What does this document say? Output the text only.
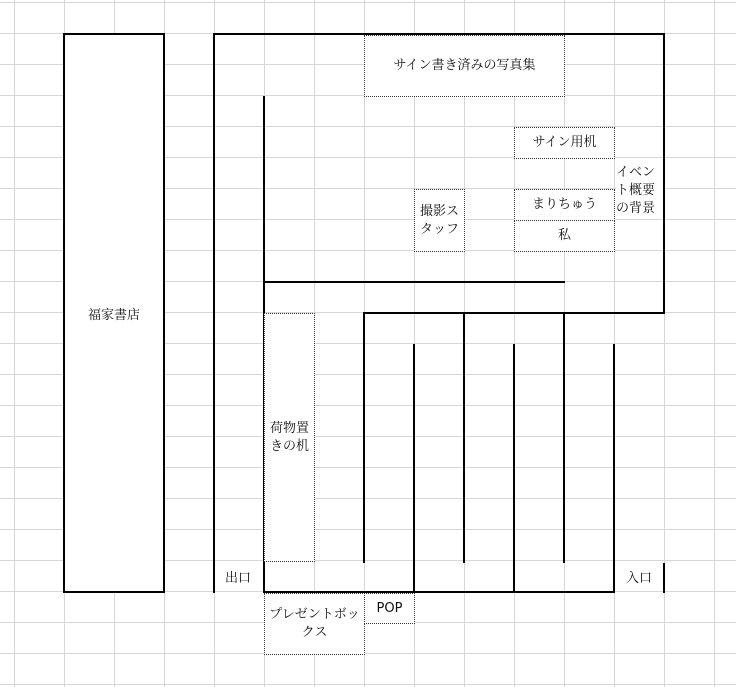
福家書店
サイン書き済みの写真集
サイン用机
まりちゅう
私
撮影スタッフ
荷物置きの机
プレゼントボックス
POP
イベント概要の背景
出口	入口
